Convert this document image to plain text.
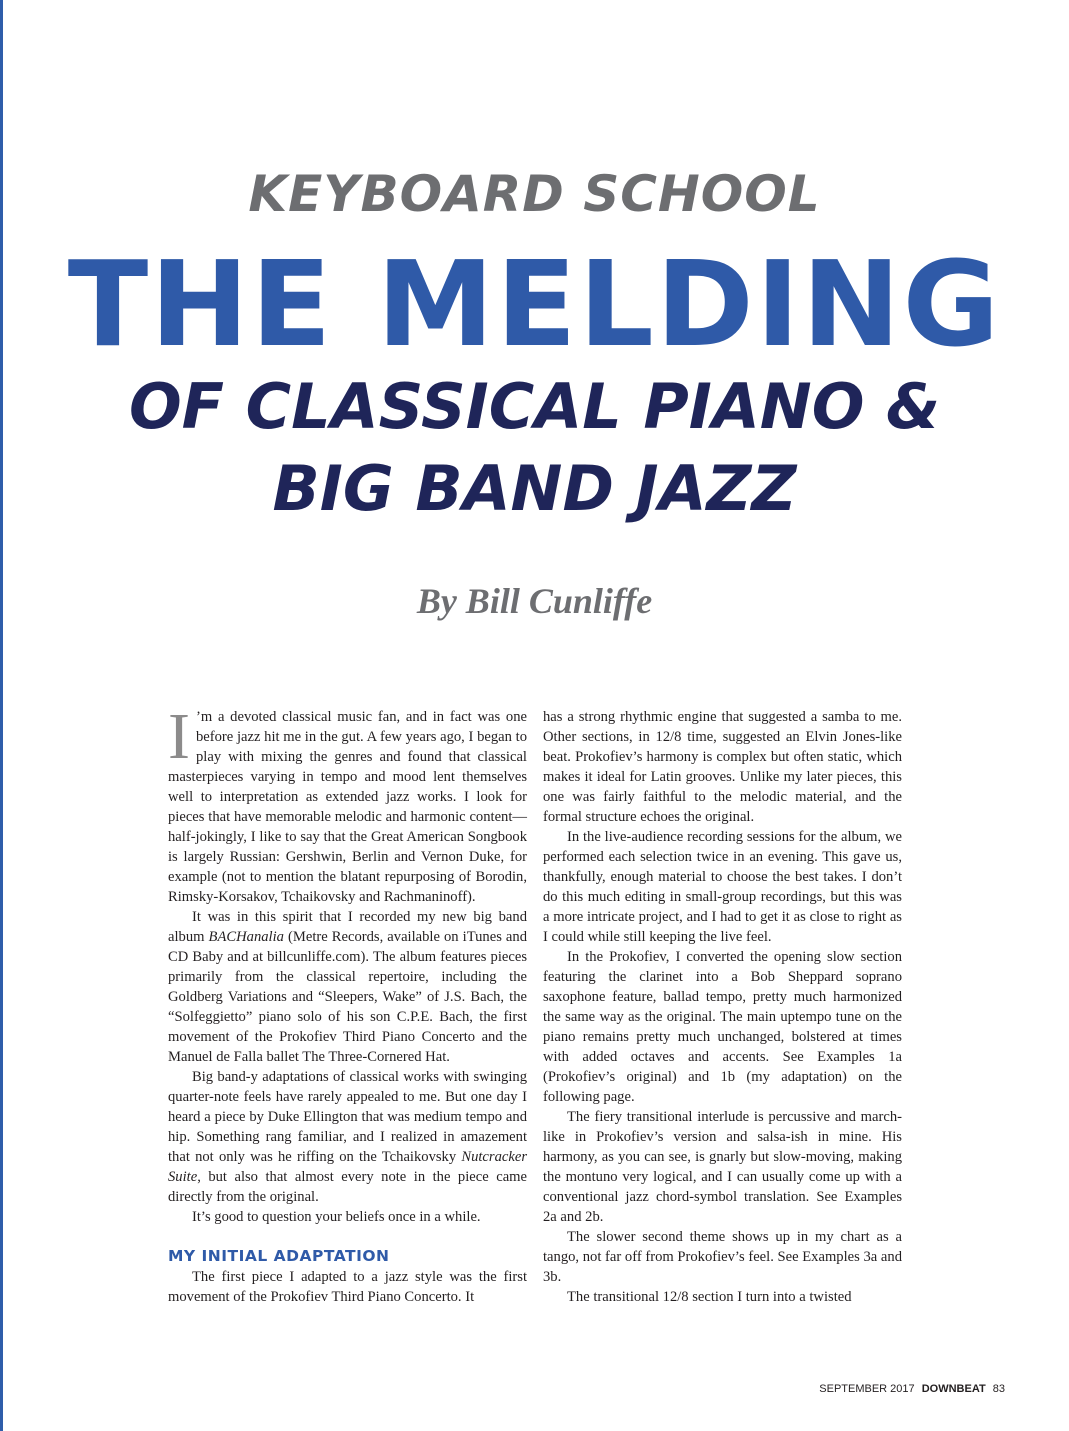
KEYBOARD SCHOOL
THE MELDING
OF CLASSICAL PIANO &
BIG BAND JAZZ
By Bill Cunliffe

I ’m a devoted classical music fan, and in fact was one before jazz hit me in the gut. A few years ago, I began to play with mixing the genres and found that classical masterpieces varying in tempo and mood lent themselves well to interpretation as extended jazz works. I look for pieces that have memorable melodic and harmonic content—half-jokingly, I like to say that the Great American Songbook is largely Russian: Gershwin, Berlin and Vernon Duke, for example (not to mention the blatant repurposing of Borodin, Rimsky-Korsakov, Tchaikovsky and Rachmaninoff).

It was in this spirit that I recorded my new big band album BACHanalia (Metre Records, available on iTunes and CD Baby and at billcunliffe.com). The album features pieces primarily from the classical repertoire, including the Goldberg Variations and “Sleepers, Wake” of J.S. Bach, the “Solfeggietto” piano solo of his son C.P.E. Bach, the first movement of the Prokofiev Third Piano Concerto and the Manuel de Falla ballet The Three-Cornered Hat.

Big band-y adaptations of classical works with swinging quarter-note feels have rarely appealed to me. But one day I heard a piece by Duke Ellington that was medium tempo and hip. Something rang familiar, and I realized in amazement that not only was he riffing on the Tchaikovsky Nutcracker Suite, but also that almost every note in the piece came directly from the original.

It’s good to question your beliefs once in a while.

MY INITIAL ADAPTATION

The first piece I adapted to a jazz style was the first movement of the Prokofiev Third Piano Concerto. It

has a strong rhythmic engine that suggested a samba to me. Other sections, in 12/8 time, suggested an Elvin Jones-like beat. Prokofiev’s harmony is complex but often static, which makes it ideal for Latin grooves. Unlike my later pieces, this one was fairly faithful to the melodic material, and the formal structure echoes the original.

In the live-audience recording sessions for the album, we performed each selection twice in an evening. This gave us, thankfully, enough material to choose the best takes. I don’t do this much editing in small-group recordings, but this was a more intricate project, and I had to get it as close to right as I could while still keeping the live feel.

In the Prokofiev, I converted the opening slow section featuring the clarinet into a Bob Sheppard soprano saxophone feature, ballad tempo, pretty much harmonized the same way as the original. The main uptempo tune on the piano remains pretty much unchanged, bolstered at times with added octaves and accents. See Examples 1a (Prokofiev’s original) and 1b (my adaptation) on the following page.

The fiery transitional interlude is percussive and march-like in Prokofiev’s version and salsa-ish in mine. His harmony, as you can see, is gnarly but slow-moving, making the montuno very logical, and I can usually come up with a conventional jazz chord-symbol translation. See Examples 2a and 2b.

The slower second theme shows up in my chart as a tango, not far off from Prokofiev’s feel. See Examples 3a and 3b.

The transitional 12/8 section I turn into a twisted

SEPTEMBER 2017 DOWNBEAT 83
